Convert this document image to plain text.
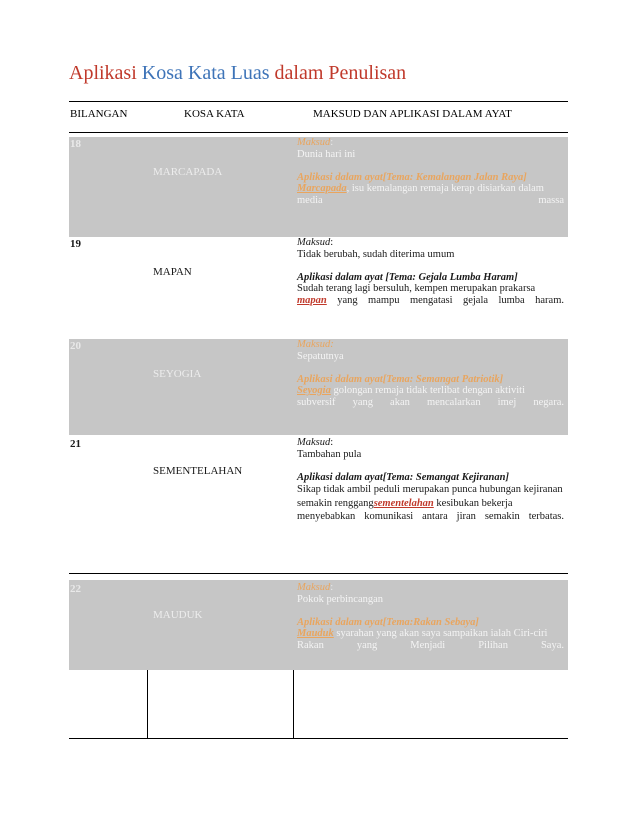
Aplikasi Kosa Kata Luas dalam Penulisan
BILANGAN	KOSA KATA	MAKSUD DAN APLIKASI DALAM AYAT
18
MARCAPADA

Maksud:

Dunia hari ini

Aplikasi dalam ayat[Tema: Kemalangan Jalan Raya]

Marcapada, isu kemalangan remaja kerap disiarkan dalam media massa

19
MAPAN

Maksud:

Tidak berubah, sudah diterima umum

Aplikasi dalam ayat [Tema: Gejala Lumba Haram]

Sudah terang lagi bersuluh, kempen merupakan prakarsa mapan yang mampu mengatasi gejala lumba haram.

20
SEYOGIA

Maksud:

Sepatutnya

Aplikasi dalam ayat[Tema: Semangat Patriotik]

Seyogia golongan remaja tidak terlibat dengan aktiviti subversif yang akan mencalarkan imej negara.

21
SEMENTELAHAN

Maksud:

Tambahan pula

Aplikasi dalam ayat[Tema: Semangat Kejiranan]

Sikap tidak ambil peduli merupakan punca hubungan kejiranan semakin renggangsementelahan kesibukan bekerja menyebabkan komunikasi antara jiran semakin terbatas.

22
MAUDUK

Maksud:

Pokok perbincangan

Aplikasi dalam ayat[Tema:Rakan Sebaya]

Mauduk syarahan yang akan saya sampaikan ialah Ciri-ciri Rakan yang Menjadi Pilihan Saya.
